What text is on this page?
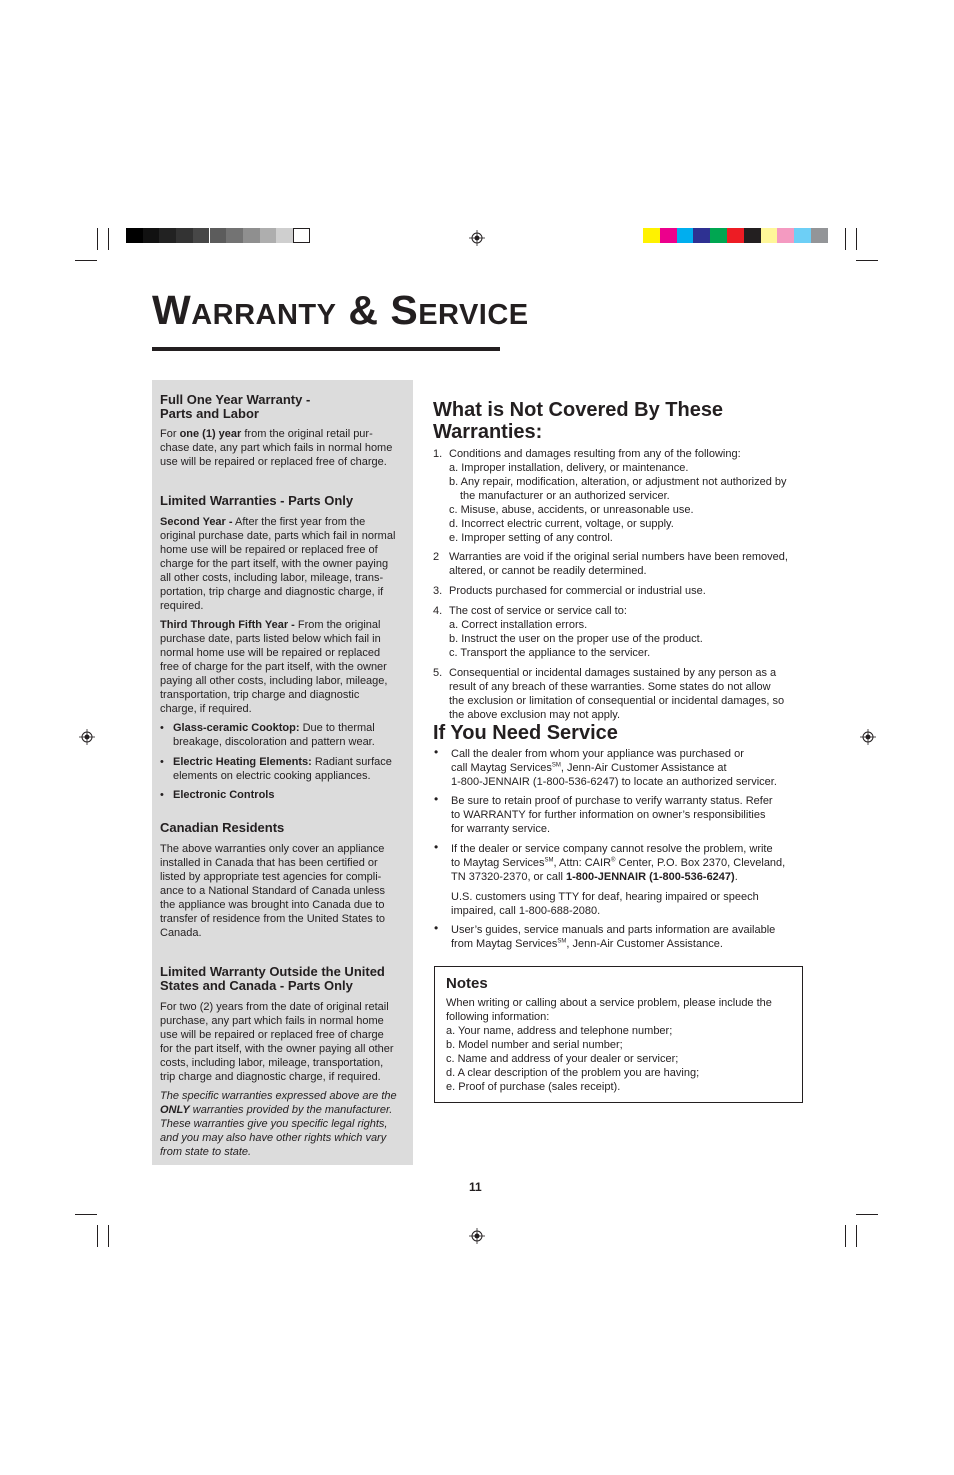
Warranty & Service
Full One Year Warranty -
Parts and Labor
For one (1) year from the original retail pur-
chase date, any part which fails in normal home
use will be repaired or replaced free of charge.
Limited Warranties - Parts Only
Second Year - After the first year from the
original purchase date, parts which fail in normal
home use will be repaired or replaced free of
charge for the part itself, with the owner paying
all other costs, including labor, mileage, trans-
portation, trip charge and diagnostic charge, if
required.
Third Through Fifth Year - From the original
purchase date, parts listed below which fail in
normal home use will be repaired or replaced
free of charge for the part itself, with the owner
paying all other costs, including labor, mileage,
transportation, trip charge and diagnostic
charge, if required.
• Glass-ceramic Cooktop: Due to thermal
breakage, discoloration and pattern wear.
• Electric Heating Elements: Radiant surface
elements on electric cooking appliances.
• Electronic Controls
Canadian Residents
The above warranties only cover an appliance
installed in Canada that has been certified or
listed by appropriate test agencies for compli-
ance to a National Standard of Canada unless
the appliance was brought into Canada due to
transfer of residence from the United States to
Canada.
Limited Warranty Outside the United
States and Canada - Parts Only
For two (2) years from the date of original retail
purchase, any part which fails in normal home
use will be repaired or replaced free of charge
for the part itself, with the owner paying all other
costs, including labor, mileage, transportation,
trip charge and diagnostic charge, if required.
The specific warranties expressed above are the
ONLY warranties provided by the manufacturer.
These warranties give you specific legal rights,
and you may also have other rights which vary
from state to state.
What is Not Covered By These
Warranties:
1. Conditions and damages resulting from any of the following:
a. Improper installation, delivery, or maintenance.
b. Any repair, modification, alteration, or adjustment not authorized by
the manufacturer or an authorized servicer.
c. Misuse, abuse, accidents, or unreasonable use.
d. Incorrect electric current, voltage, or supply.
e. Improper setting of any control.
2 Warranties are void if the original serial numbers have been removed,
altered, or cannot be readily determined.
3. Products purchased for commercial or industrial use.
4. The cost of service or service call to:
a. Correct installation errors.
b. Instruct the user on the proper use of the product.
c. Transport the appliance to the servicer.
5. Consequential or incidental damages sustained by any person as a
result of any breach of these warranties. Some states do not allow
the exclusion or limitation of consequential or incidental damages, so
the above exclusion may not apply.
If You Need Service
• Call the dealer from whom your appliance was purchased or
call Maytag Services℠, Jenn-Air Customer Assistance at
1-800-JENNAIR (1-800-536-6247) to locate an authorized servicer.
• Be sure to retain proof of purchase to verify warranty status. Refer
to WARRANTY for further information on owner’s responsibilities
for warranty service.
• If the dealer or service company cannot resolve the problem, write
to Maytag Services℠, Attn: CAIR® Center, P.O. Box 2370, Cleveland,
TN 37320-2370, or call 1-800-JENNAIR (1-800-536-6247).
U.S. customers using TTY for deaf, hearing impaired or speech
impaired, call 1-800-688-2080.
• User’s guides, service manuals and parts information are available
from Maytag Services℠, Jenn-Air Customer Assistance.
Notes
When writing or calling about a service problem, please include the
following information:
a. Your name, address and telephone number;
b. Model number and serial number;
c. Name and address of your dealer or servicer;
d. A clear description of the problem you are having;
e. Proof of purchase (sales receipt).
11
